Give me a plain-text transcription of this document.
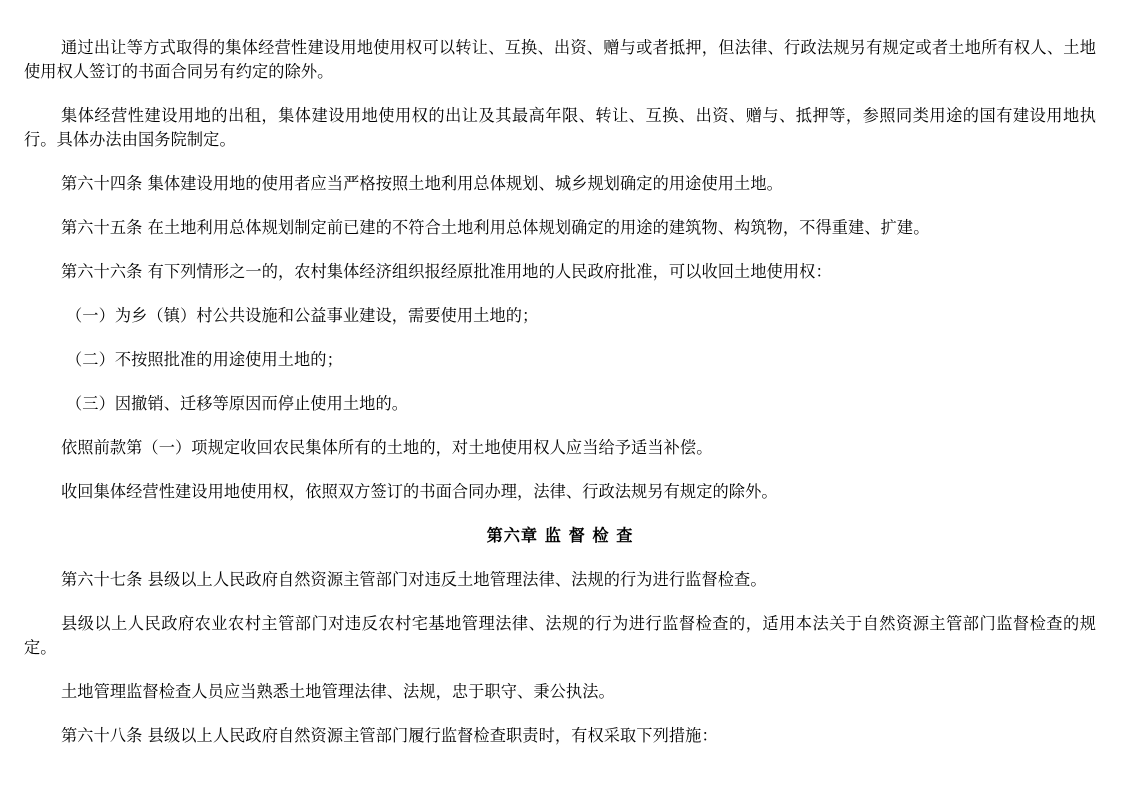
通过出让等方式取得的集体经营性建设用地使用权可以转让、互换、出资、赠与或者抵押，但法律、行政法规另有规定或者土地所有权人、土地使用权人签订的书面合同另有约定的除外。

集体经营性建设用地的出租，集体建设用地使用权的出让及其最高年限、转让、互换、出资、赠与、抵押等，参照同类用途的国有建设用地执行。具体办法由国务院制定。

第六十四条 集体建设用地的使用者应当严格按照土地利用总体规划、城乡规划确定的用途使用土地。

第六十五条 在土地利用总体规划制定前已建的不符合土地利用总体规划确定的用途的建筑物、构筑物，不得重建、扩建。

第六十六条 有下列情形之一的，农村集体经济组织报经原批准用地的人民政府批准，可以收回土地使用权：

（一）为乡（镇）村公共设施和公益事业建设，需要使用土地的；

（二）不按照批准的用途使用土地的；

（三）因撤销、迁移等原因而停止使用土地的。

依照前款第（一）项规定收回农民集体所有的土地的，对土地使用权人应当给予适当补偿。

收回集体经营性建设用地使用权，依照双方签订的书面合同办理，法律、行政法规另有规定的除外。

第六章 监 督 检 查

第六十七条 县级以上人民政府自然资源主管部门对违反土地管理法律、法规的行为进行监督检查。

县级以上人民政府农业农村主管部门对违反农村宅基地管理法律、法规的行为进行监督检查的，适用本法关于自然资源主管部门监督检查的规定。

土地管理监督检查人员应当熟悉土地管理法律、法规，忠于职守、秉公执法。

第六十八条 县级以上人民政府自然资源主管部门履行监督检查职责时，有权采取下列措施：
